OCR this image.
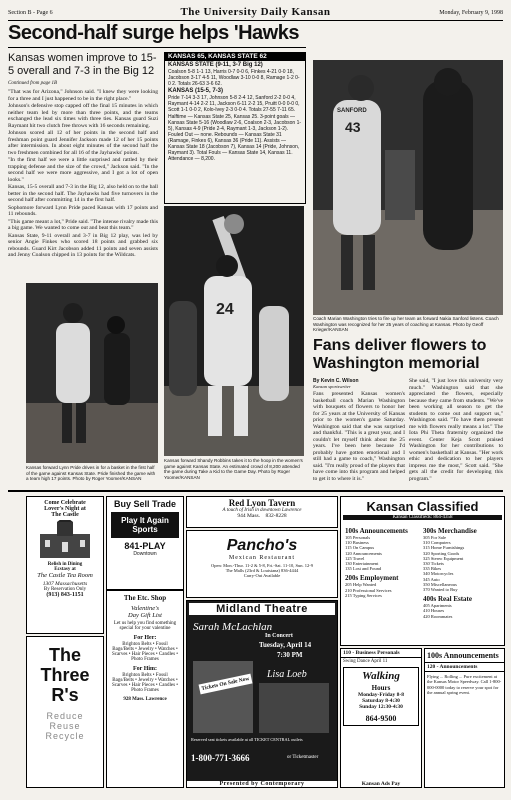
Section B - Page 6	The University Daily Kansan	Monday, February 9, 1998
Second-half surge helps 'Hawks
Kansas women improve to 15-5 overall and 7-3 in the Big 12
Continued from page 1B

"That was for Arizona," Johnson said. "I knew they were looking for a three and I just happened to be in the right place."

Johnson's defensive stop capped off the final 15 minutes in which neither team led by more than three points, and the teams exchanged the lead six times with three ties. Kansas guard Suzi Raymant hit two clutch free throws with 16 seconds remaining.

Johnson scored all 12 of her points in the second half and freshman point guard Jennifer Jackson made 12 of her 15 points after intermission. In about eight minutes of the second half the two freshmen combined for all 16 of the Jayhawks' points.

"In the first half we were a little surprised and rattled by their trapping defense and the size of the crowd," Jackson said. "In the second half we were more aggressive, and I got a lot of open looks."

Kansas, 15-5 overall and 7-3 in the Big 12, also held on to the ball better in the second half. The Jayhawks had five turnovers in the second half after committing 14 in the first half.

Sophomore forward Lynn Pride paced Kansas with 17 points and 11 rebounds.

"This game meant a lot," Pride said. "The intense rivalry made this a big game. We wanted to come out and beat this team."

Kansas State, 9-11 overall and 3-7 in Big 12 play, was led by senior Angie Finkes who scored 18 points and grabbed six rebounds. Guard Kirt Jacobson added 11 points and seven assists and Jenny Coalson chipped in 13 points for the Wildcats.

KANSAS 65, KANSAS STATE 62
KANSAS STATE (9-11, 3-7 Big 12)
Coalson 5-8 1-1 13, Harris 0-7 0-0 6, Finkes 4-21 0-0 18, Jacobson 3-17 4-5 11, Woodlaw 3-10 0-0 8, Ramage 1-2 0-0 2. Totals 26-63 3-6 62.
KANSAS (15-5, 7-3)
Pride 7-14 3-3 17, Johnson 5-8 2-4 12, Sanford 2-2 0-0 4, Raymant 4-14 2-2 11, Jackson 6-11 2-2 15, Pruitt 0-0 0-0 0, Scott 1-1 0-0 2, Kolo-Ivey 2-3 0-0 4. Totals 27-55 7-11 65.
Halftime — Kansas State 25, Kansas 25. 3-point goals — Kansas State 5-16 (Woodlaw 2-6, Coalson 2-3, Jacobson 1-5), Kansas 4-9 (Pride 2-4, Raymant 1-3, Jackson 1-2). Fouled Out — none. Rebounds — Kansas State 31 (Ramage, Finkes 6), Kansas 36 (Pride 11). Assists — Kansas State 18 (Jacobson 7), Kansas 14 (Pride, Johnson, Raymant 3). Total Fouls — Kansas State 14, Kansas 11. Attendance — 8,200.
43
SANFORD
Coach Marian Washington tries to fire up her team as forward Nakia Sanford listens. Coach Washington was recognized for her 25 years of coaching at Kansas. Photo by Geoff Krieger/KANSAN
Kansas forward Lynn Pride drives in for a basket in the first half of the game against Kansas State. Pride finished the game with a team high 17 points. Photo by Roger Yoomer/KANSAN
24
Kansas forward Shandy Robbins takes it to the hoop in the women's game against Kansas State. An estimated crowd of 8,200 attended the game during Take a Kid to the Game Day. Photo by Roger Yoomer/KANSAN
Fans deliver flowers to Washington memorial
By Kevin C. Wilson
Kansan sportswriter
Fans presented Kansas women's basketball coach Marian Washington with bouquets of flowers to honor her for 25 years at the University of Kansas prior to the women's game Saturday. Washington said that she was surprised and thankful. "This is a great year, and I couldn't let myself think about the 25 years. I've been here because I'd probably have gotten emotional and I still had a game to coach," Washington said. "I'm really proud of the players that have come into this program and helped to get it to where it is."
She said, "I just love this university very much." Washington said that she appreciated the flowers, especially because they came from students. "We've been working all season to get the students to come out and support us," Washington said. "To have them present me with flowers really means a lot." The Iota Phi Theta fraternity organized the event. Center Keja Scott praised Washington for her contributions to women's basketball at Kansas. "Her work ethic and dedication to her players impress me the most," Scott said. "She gets all the credit for developing this program."
Come Celebrate
Lover's Night at
The Castle
Relish in Dining
Ecstasy at
The Castle Tea Room
1307 Massachusetts
By Reservation Only
(913) 843-1151
The
Three
R's
Reduce
Reuse
Recycle
Buy Sell Trade
Play It Again Sports
841-PLAY
Downtown
The Etc. Shop
Valentine's
Day Gift List
Let us help you find something special for your valentine
For Her:
Brighton Belts • Fossil Bags/Belts • Jewelry • Watches • Scarves • Hair Pieces • Candles • Photo Frames
For Him:
Brighton Belts • Fossil Bags/Belts • Jewelry • Watches • Scarves • Hair Pieces • Candles • Photo Frames
928 Mass. Lawrence
Red Lyon Tavern
A touch of Irish in downtown Lawrence
944 Mass. 832-8228
Pancho's
Mexican Restaurant
Open: Mon.-Thur. 11-2 & 5-8, Fri.-Sat. 11-10, Sun. 12-9
The Malls (23rd & Louisiana) 836-4444
Carry-Out Available
Midland Theatre
Sarah McLachlan
In Concert
Tuesday, April 14
7:30 PM
Tickets On Sale Now
Lisa Loeb
Reserved seat tickets available at all TICKET CENTRAL outlets
1-800-771-3666	or Ticketmaster
Presented by Contemporary
Kansan Classified
Kansan Classifieds: 864-4358
100s Announcements
105 Personals
110 Business
115 On Campus
120 Announcements
125 Travel
130 Entertainment
135 Lost and Found
200s Employment
205 Help Wanted
210 Professional Services
215 Typing Services
300s Merchandise
305 For Sale
310 Computers
315 Home Furnishings
320 Sporting Goods
325 Stereo Equipment
330 Tickets
335 Bikes
340 Motorcycles
345 Auto
350 Miscellaneous
370 Wanted to Buy
400s Real Estate
405 Apartments
410 Houses
420 Roommates
110 - Business Personals
Swing Dance April 11
Walking
Hours
Monday-Friday 8-8
Saturday 8-4:30
Sunday 12:30-4:30
864-9500
Kansan Ads Pay
100s Announcements
120 - Announcements
Flying ... Rolling ... Pure excitement at the Kansas Motor Speedway. Call 1-800-000-0000 today to reserve your spot for the annual spring event.
